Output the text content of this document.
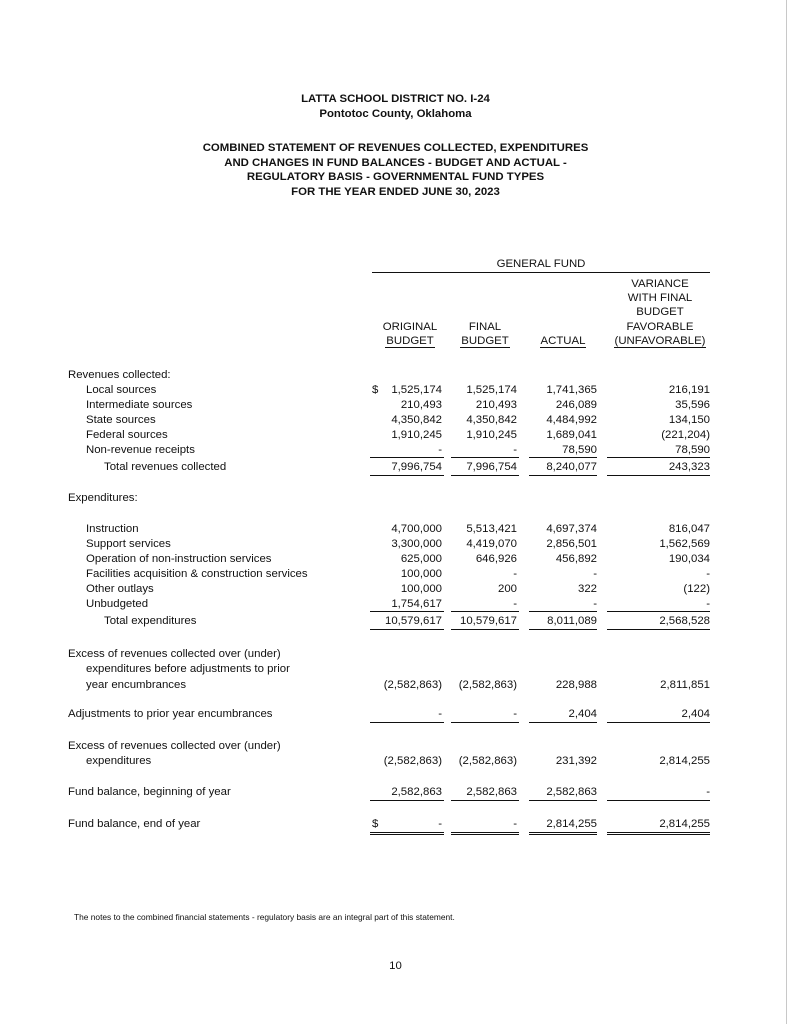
LATTA SCHOOL DISTRICT NO. I-24
Pontotoc County, Oklahoma
COMBINED STATEMENT OF REVENUES COLLECTED, EXPENDITURES
AND CHANGES IN FUND BALANCES - BUDGET AND ACTUAL -
REGULATORY BASIS - GOVERNMENTAL FUND TYPES
FOR THE YEAR ENDED JUNE 30, 2023
GENERAL FUND
ORIGINAL
BUDGET
FINAL
BUDGET	ACTUAL
VARIANCE
WITH FINAL
BUDGET
FAVORABLE
(UNFAVORABLE)
Revenues collected:
Local sources	$	1,525,174	1,525,174	1,741,365	216,191
Intermediate sources	210,493	210,493	246,089	35,596
State sources	4,350,842	4,350,842	4,484,992	134,150
Federal sources	1,910,245	1,910,245	1,689,041	(221,204)
Non-revenue receipts	-	-	78,590	78,590
Total revenues collected	7,996,754	7,996,754	8,240,077	243,323
Expenditures:
Instruction	4,700,000	5,513,421	4,697,374	816,047
Support services	3,300,000	4,419,070	2,856,501	1,562,569
Operation of non-instruction services	625,000	646,926	456,892	190,034
Facilities acquisition & construction services	100,000	-	-	-
Other outlays	100,000	200	322	(122)
Unbudgeted	1,754,617	-	-	-
Total expenditures	10,579,617	10,579,617	8,011,089	2,568,528
Excess of revenues collected over (under)
expenditures before adjustments to prior
year encumbrances	(2,582,863)	(2,582,863)	228,988	2,811,851
Adjustments to prior year encumbrances	-	-	2,404	2,404
Excess of revenues collected over (under)
expenditures	(2,582,863)	(2,582,863)	231,392	2,814,255
Fund balance, beginning of year	2,582,863	2,582,863	2,582,863	-
Fund balance, end of year	$	-	-	2,814,255	2,814,255
The notes to the combined financial statements - regulatory basis are an integral part of this statement.
10
